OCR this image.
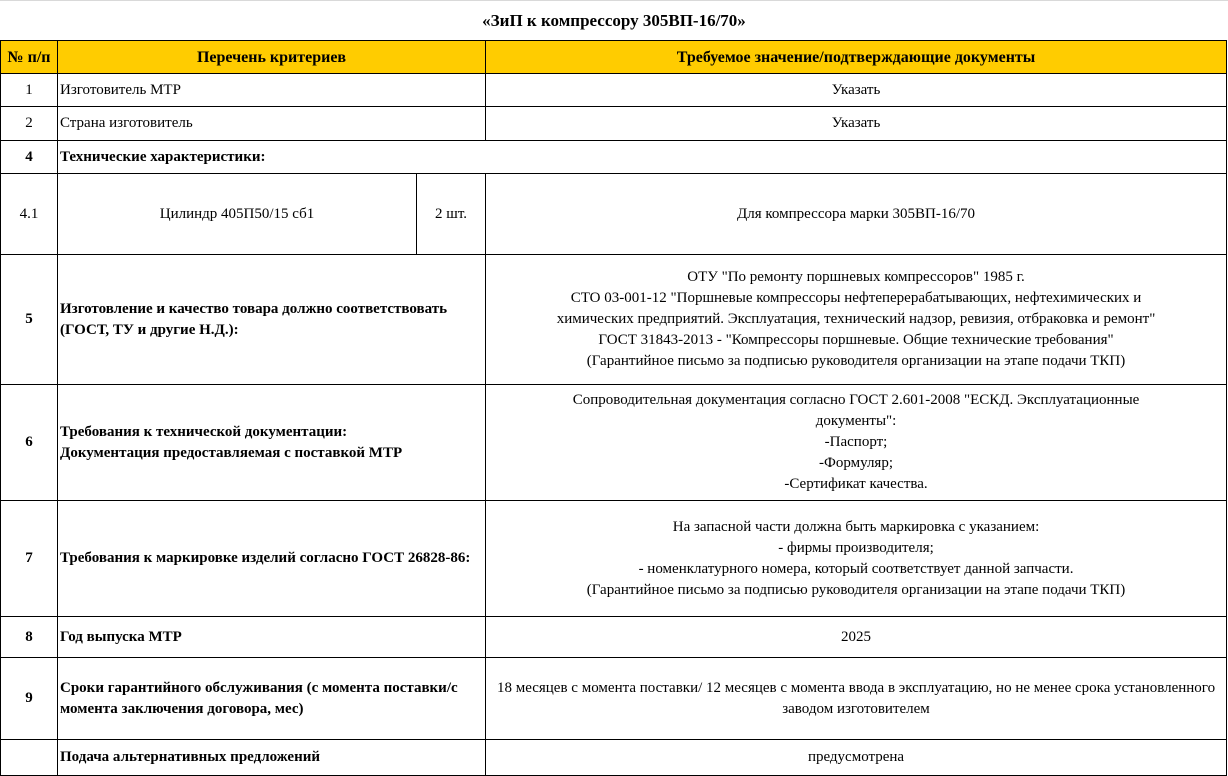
«ЗиП к компрессору 305ВП-16/70»
№ п/п	Перечень критериев		Требуемое значение/подтверждающие документы
1	Изготовитель МТР		Указать
2	Страна изготовитель		Указать
4	Технические характеристики:		
4.1	Цилиндр 405П50/15 сб1	2 шт.	Для компрессора марки 305ВП-16/70
5	Изготовление и качество товара должно соответствовать (ГОСТ, ТУ и другие Н.Д.):		ОТУ "По ремонту поршневых компрессоров" 1985 г.
СТО 03-001-12 "Поршневые компрессоры нефтеперерабатывающих, нефтехимических и
химических предприятий. Эксплуатация, технический надзор, ревизия, отбраковка и ремонт"
ГОСТ 31843-2013 - "Компрессоры поршневые. Общие технические требования"
(Гарантийное письмо за подписью руководителя организации на этапе подачи ТКП)

6	Требования к технической документации:
Документация предоставляемая с поставкой МТР		Сопроводительная документация согласно ГОСТ 2.601-2008 "ЕСКД. Эксплуатационные
документы":
-Паспорт;
-Формуляр;
-Сертификат качества.

7	Требования к маркировке изделий согласно ГОСТ 26828-86:		На запасной части должна быть маркировка с указанием:
- фирмы производителя;
- номенклатурного номера, который соответствует данной запчасти.
(Гарантийное письмо за подписью руководителя организации на этапе подачи ТКП)

8	Год выпуска МТР		2025
9	Сроки гарантийного обслуживания (с момента поставки/с момента заключения договора, мес)		18 месяцев с момента поставки/ 12 месяцев с момента ввода в эксплуатацию, но не менее срока установленного заводом изготовителем
	Подача альтернативных предложений		предусмотрена
